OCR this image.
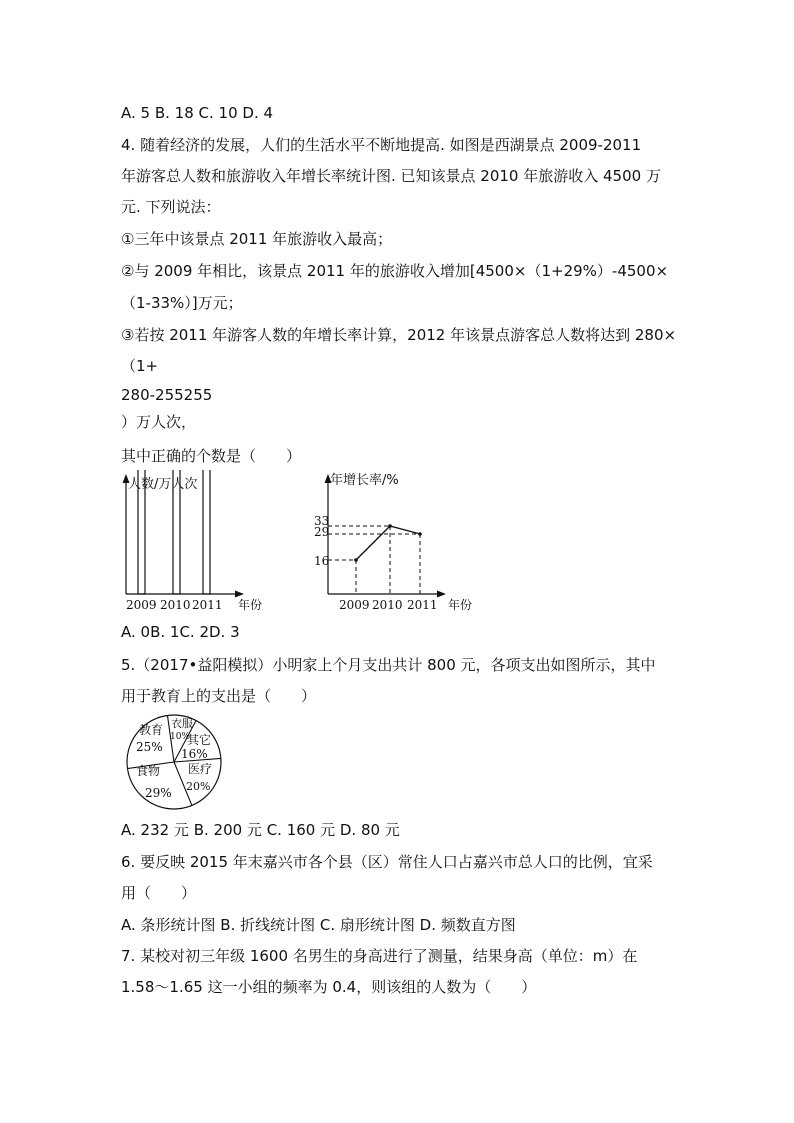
A. 5 B. 18 C. 10 D. 4
4. 随着经济的发展，人们的生活水平不断地提高. 如图是西湖景点 2009-2011
年游客总人数和旅游收入年增长率统计图. 已知该景点 2010 年旅游收入 4500 万
元. 下列说法：
①三年中该景点 2011 年旅游收入最高；
②与 2009 年相比，该景点 2011 年的旅游收入增加[4500×（1+29%）-4500×
（1-33%）]万元；
③若按 2011 年游客人数的年增长率计算，2012 年该景点游客总人数将达到 280×
（1+
280-255255
）万人次，
其中正确的个数是（　　）
人数/万人次
2009 2010 2011 年份
年增长率/%
33
29
16
2009 2010 2011 年份
A. 0B. 1C. 2D. 3
5.（2017•益阳模拟）小明家上个月支出共计 800 元，各项支出如图所示，其中
用于教育上的支出是（　　）
教育
25%
衣服
10%
其它
16%
医疗
20%
食物
29%
A. 232 元 B. 200 元 C. 160 元 D. 80 元
6. 要反映 2015 年末嘉兴市各个县（区）常住人口占嘉兴市总人口的比例，宜采
用（　　）
A. 条形统计图 B. 折线统计图 C. 扇形统计图 D. 频数直方图
7. 某校对初三年级 1600 名男生的身高进行了测量，结果身高（单位：m）在
1.58～1.65 这一小组的频率为 0.4，则该组的人数为（　　）
